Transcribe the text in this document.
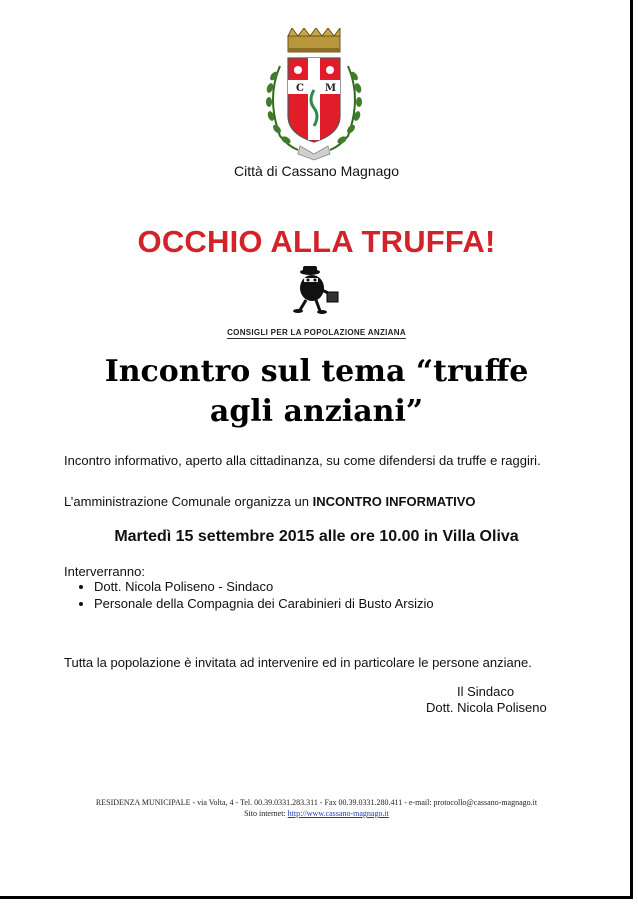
C M
Città di Cassano Magnago
OCCHIO ALLA TRUFFA!
CONSIGLI PER LA POPOLAZIONE ANZIANA
Incontro sul tema “truffe
agli anziani”
Incontro informativo, aperto alla cittadinanza, su come difendersi da truffe e raggiri.
L’amministrazione Comunale organizza un INCONTRO INFORMATIVO
Martedì 15 settembre 2015 alle ore 10.00 in Villa Oliva
Interverranno:
• Dott. Nicola Poliseno - Sindaco
• Personale della Compagnia dei Carabinieri di Busto Arsizio
Tutta la popolazione è invitata ad intervenire ed in particolare le persone anziane.
Il Sindaco
Dott. Nicola Poliseno
RESIDENZA MUNICIPALE - via Volta, 4 - Tel. 00.39.0331.283.311 - Fax 00.39.0331.280.411 - e-mail: protocollo@cassano-magnago.it
Sito internet: http://www.cassano-magnago.it
